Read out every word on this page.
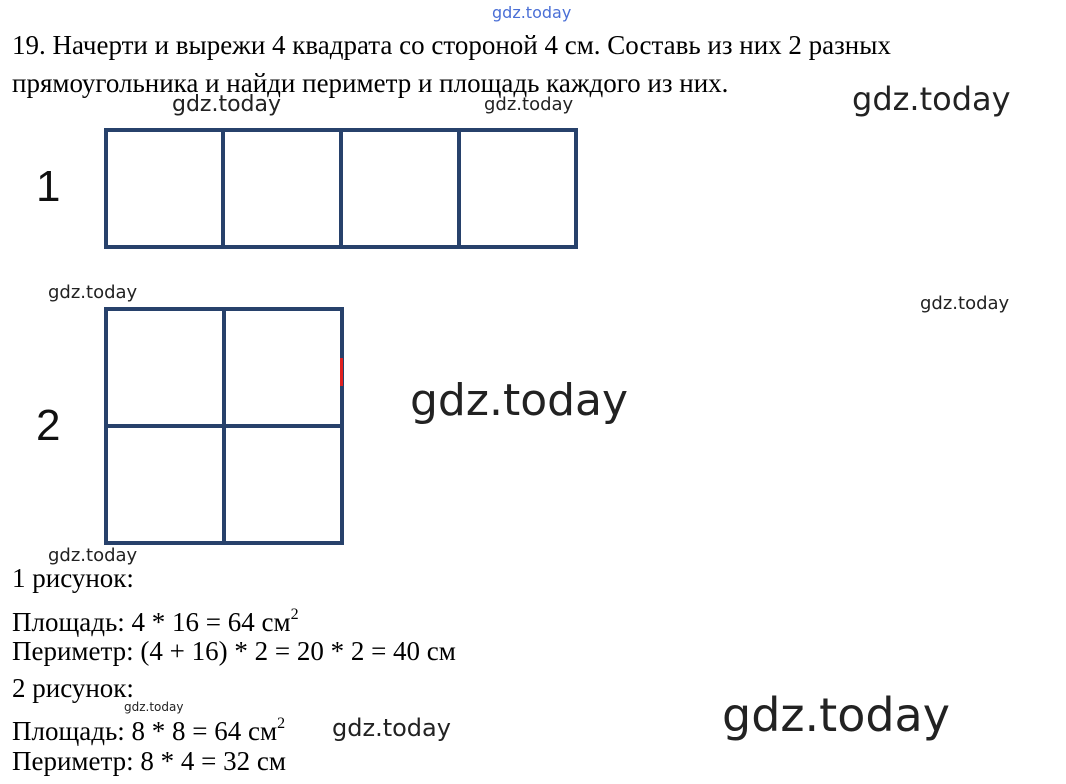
gdz.today
19. Начерти и вырежи 4 квадрата со стороной 4 см. Составь из них 2 разных прямоугольника и найди периметр и площадь каждого из них.
gdz.today	gdz.today	gdz.today
gdz.today
gdz.today
gdz.today
gdz.today
gdz.today
gdz.today	gdz.today
1
2
1 рисунок:
Площадь: 4 * 16 = 64 $см^2$
Периметр: (4 + 16) * 2 = 20 * 2 = 40 см
2 рисунок:
Площадь: 8 * 8 = 64 $см^2$
Периметр: 8 * 4 = 32 см
